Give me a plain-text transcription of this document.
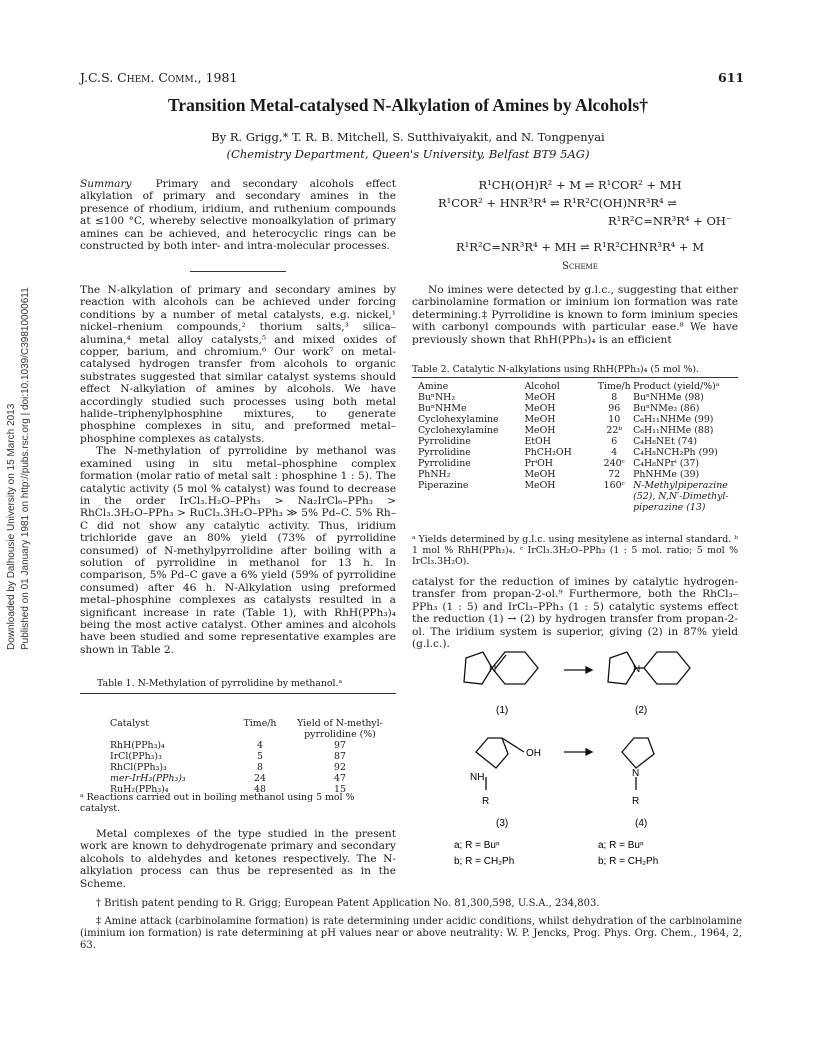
Downloaded by Dalhousie University on 15 March 2013 Published on 01 January 1981 on http://pubs.rsc.org | doi:10.1039/C39810000611
J.C.S. Chem. Comm., 1981	611
Transition Metal-catalysed N-Alkylation of Amines by Alcohols†
By R. Grigg,* T. R. B. Mitchell, S. Sutthivaiyakit, and N. Tongpenyai
(Chemistry Department, Queen's University, Belfast BT9 5AG)

Summary Primary and secondary alcohols effect alkylation of primary and secondary amines in the presence of rhodium, iridium, and ruthenium compounds at ≤100 °C, whereby selective monoalkylation of primary amines can be achieved, and heterocyclic rings can be constructed by both inter- and intra-molecular processes.

The N-alkylation of primary and secondary amines by reaction with alcohols can be achieved under forcing conditions by a number of metal catalysts, e.g. nickel,¹ nickel–rhenium compounds,² thorium salts,³ silica–alumina,⁴ metal alloy catalysts,⁵ and mixed oxides of copper, barium, and chromium.⁶ Our work⁷ on metal-catalysed hydrogen transfer from alcohols to organic substrates suggested that similar catalyst systems should effect N-alkylation of amines by alcohols. We have accordingly studied such processes using both metal halide–triphenylphosphine mixtures, to generate phosphine complexes in situ, and preformed metal–phosphine complexes as catalysts.

The N-methylation of pyrrolidine by methanol was examined using in situ metal–phosphine complex formation (molar ratio of metal salt : phosphine 1 : 5). The catalytic activity (5 mol % catalyst) was found to decrease in the order IrCl₃.H₂O–PPh₃ > Na₂IrCl₆–PPh₃ > RhCl₃.3H₂O–PPh₃ > RuCl₃.3H₂O–PPh₃ ≫ 5% Pd–C. 5% Rh–C did not show any catalytic activity. Thus, iridium trichloride gave an 80% yield (73% of pyrrolidine consumed) of N-methylpyrrolidine after boiling with a solution of pyrrolidine in methanol for 13 h. In comparison, 5% Pd–C gave a 6% yield (59% of pyrrolidine consumed) after 46 h. N-Alkylation using preformed metal–phosphine complexes as catalysts resulted in a significant increase in rate (Table 1), with RhH(PPh₃)₄ being the most active catalyst. Other amines and alcohols have been studied and some representative examples are shown in Table 2.

Table 1. N-Methylation of pyrrolidine by methanol.ᵃ
Catalyst	Time/h	Yield of N-methyl-pyrrolidine (%)
RhH(PPh₃)₄	4	97
IrCl(PPh₃)₃	5	87
RhCl(PPh₃)₃	8	92
mer-IrH₃(PPh₃)₃	24	47
RuH₂(PPh₃)₄	48	15
ᵃ Reactions carried out in boiling methanol using 5 mol % catalyst.

Metal complexes of the type studied in the present work are known to dehydrogenate primary and secondary alcohols to aldehydes and ketones respectively. The N-alkylation process can thus be represented as in the Scheme.

R¹CH(OH)R² + M ⇌ R¹COR² + MH
R¹COR² + HNR³R⁴ ⇌ R¹R²C(OH)NR³R⁴ ⇌
R¹R²C=NR³R⁴ + OH⁻
R¹R²C=NR³R⁴ + MH ⇌ R¹R²CHNR³R⁴ + M
Scheme

No imines were detected by g.l.c., suggesting that either carbinolamine formation or iminium ion formation was rate determining.‡ Pyrrolidine is known to form iminium species with carbonyl compounds with particular ease.⁸ We have previously shown that RhH(PPh₃)₄ is an efficient

Table 2. Catalytic N-alkylations using RhH(PPh₃)₄ (5 mol %).
Amine	Alcohol	Time/h	Product (yield/%)ᵃ
BuⁿNH₂	MeOH	8	BuⁿNHMe (98)
BuⁿNHMe	MeOH	96	BuⁿNMe₂ (86)
Cyclohexylamine	MeOH	10	C₆H₁₁NHMe (99)
Cyclohexylamine	MeOH	22ᵇ	C₆H₁₁NHMe (88)
Pyrrolidine	EtOH	6	C₄H₈NEt (74)
Pyrrolidine	PhCH₂OH	4	C₄H₈NCH₂Ph (99)
Pyrrolidine	PrⁱOH	240ᶜ	C₄H₈NPrⁱ (37)
PhNH₂	MeOH	72	PhNHMe (39)
Piperazine	MeOH	160ᶜ	N-Methylpiperazine (52), N,N′-Dimethyl-piperazine (13)
ᵃ Yields determined by g.l.c. using mesitylene as internal standard. ᵇ 1 mol % RhH(PPh₃)₄. ᶜ IrCl₃.3H₂O–PPh₃ (1 : 5 mol. ratio; 5 mol % IrCl₃.3H₂O).

catalyst for the reduction of imines by catalytic hydrogen-transfer from propan-2-ol.⁹ Furthermore, both the RhCl₃–PPh₃ (1 : 5) and IrCl₃–PPh₃ (1 : 5) catalytic systems effect the reduction (1) → (2) by hydrogen transfer from propan-2-ol. The iridium system is superior, giving (2) in 87% yield (g.l.c.).

N	N
(1)	(2)
NH
OH
R
N
R
(3)	(4)
a; R = Buⁿ
b; R = CH₂Ph
a; R = Buⁿ
b; R = CH₂Ph
† British patent pending to R. Grigg; European Patent Application No. 81,300,598, U.S.A., 234,803.
‡ Amine attack (carbinolamine formation) is rate determining under acidic conditions, whilst dehydration of the carbinolamine (iminium ion formation) is rate determining at pH values near or above neutrality: W. P. Jencks, Prog. Phys. Org. Chem., 1964, 2, 63.
